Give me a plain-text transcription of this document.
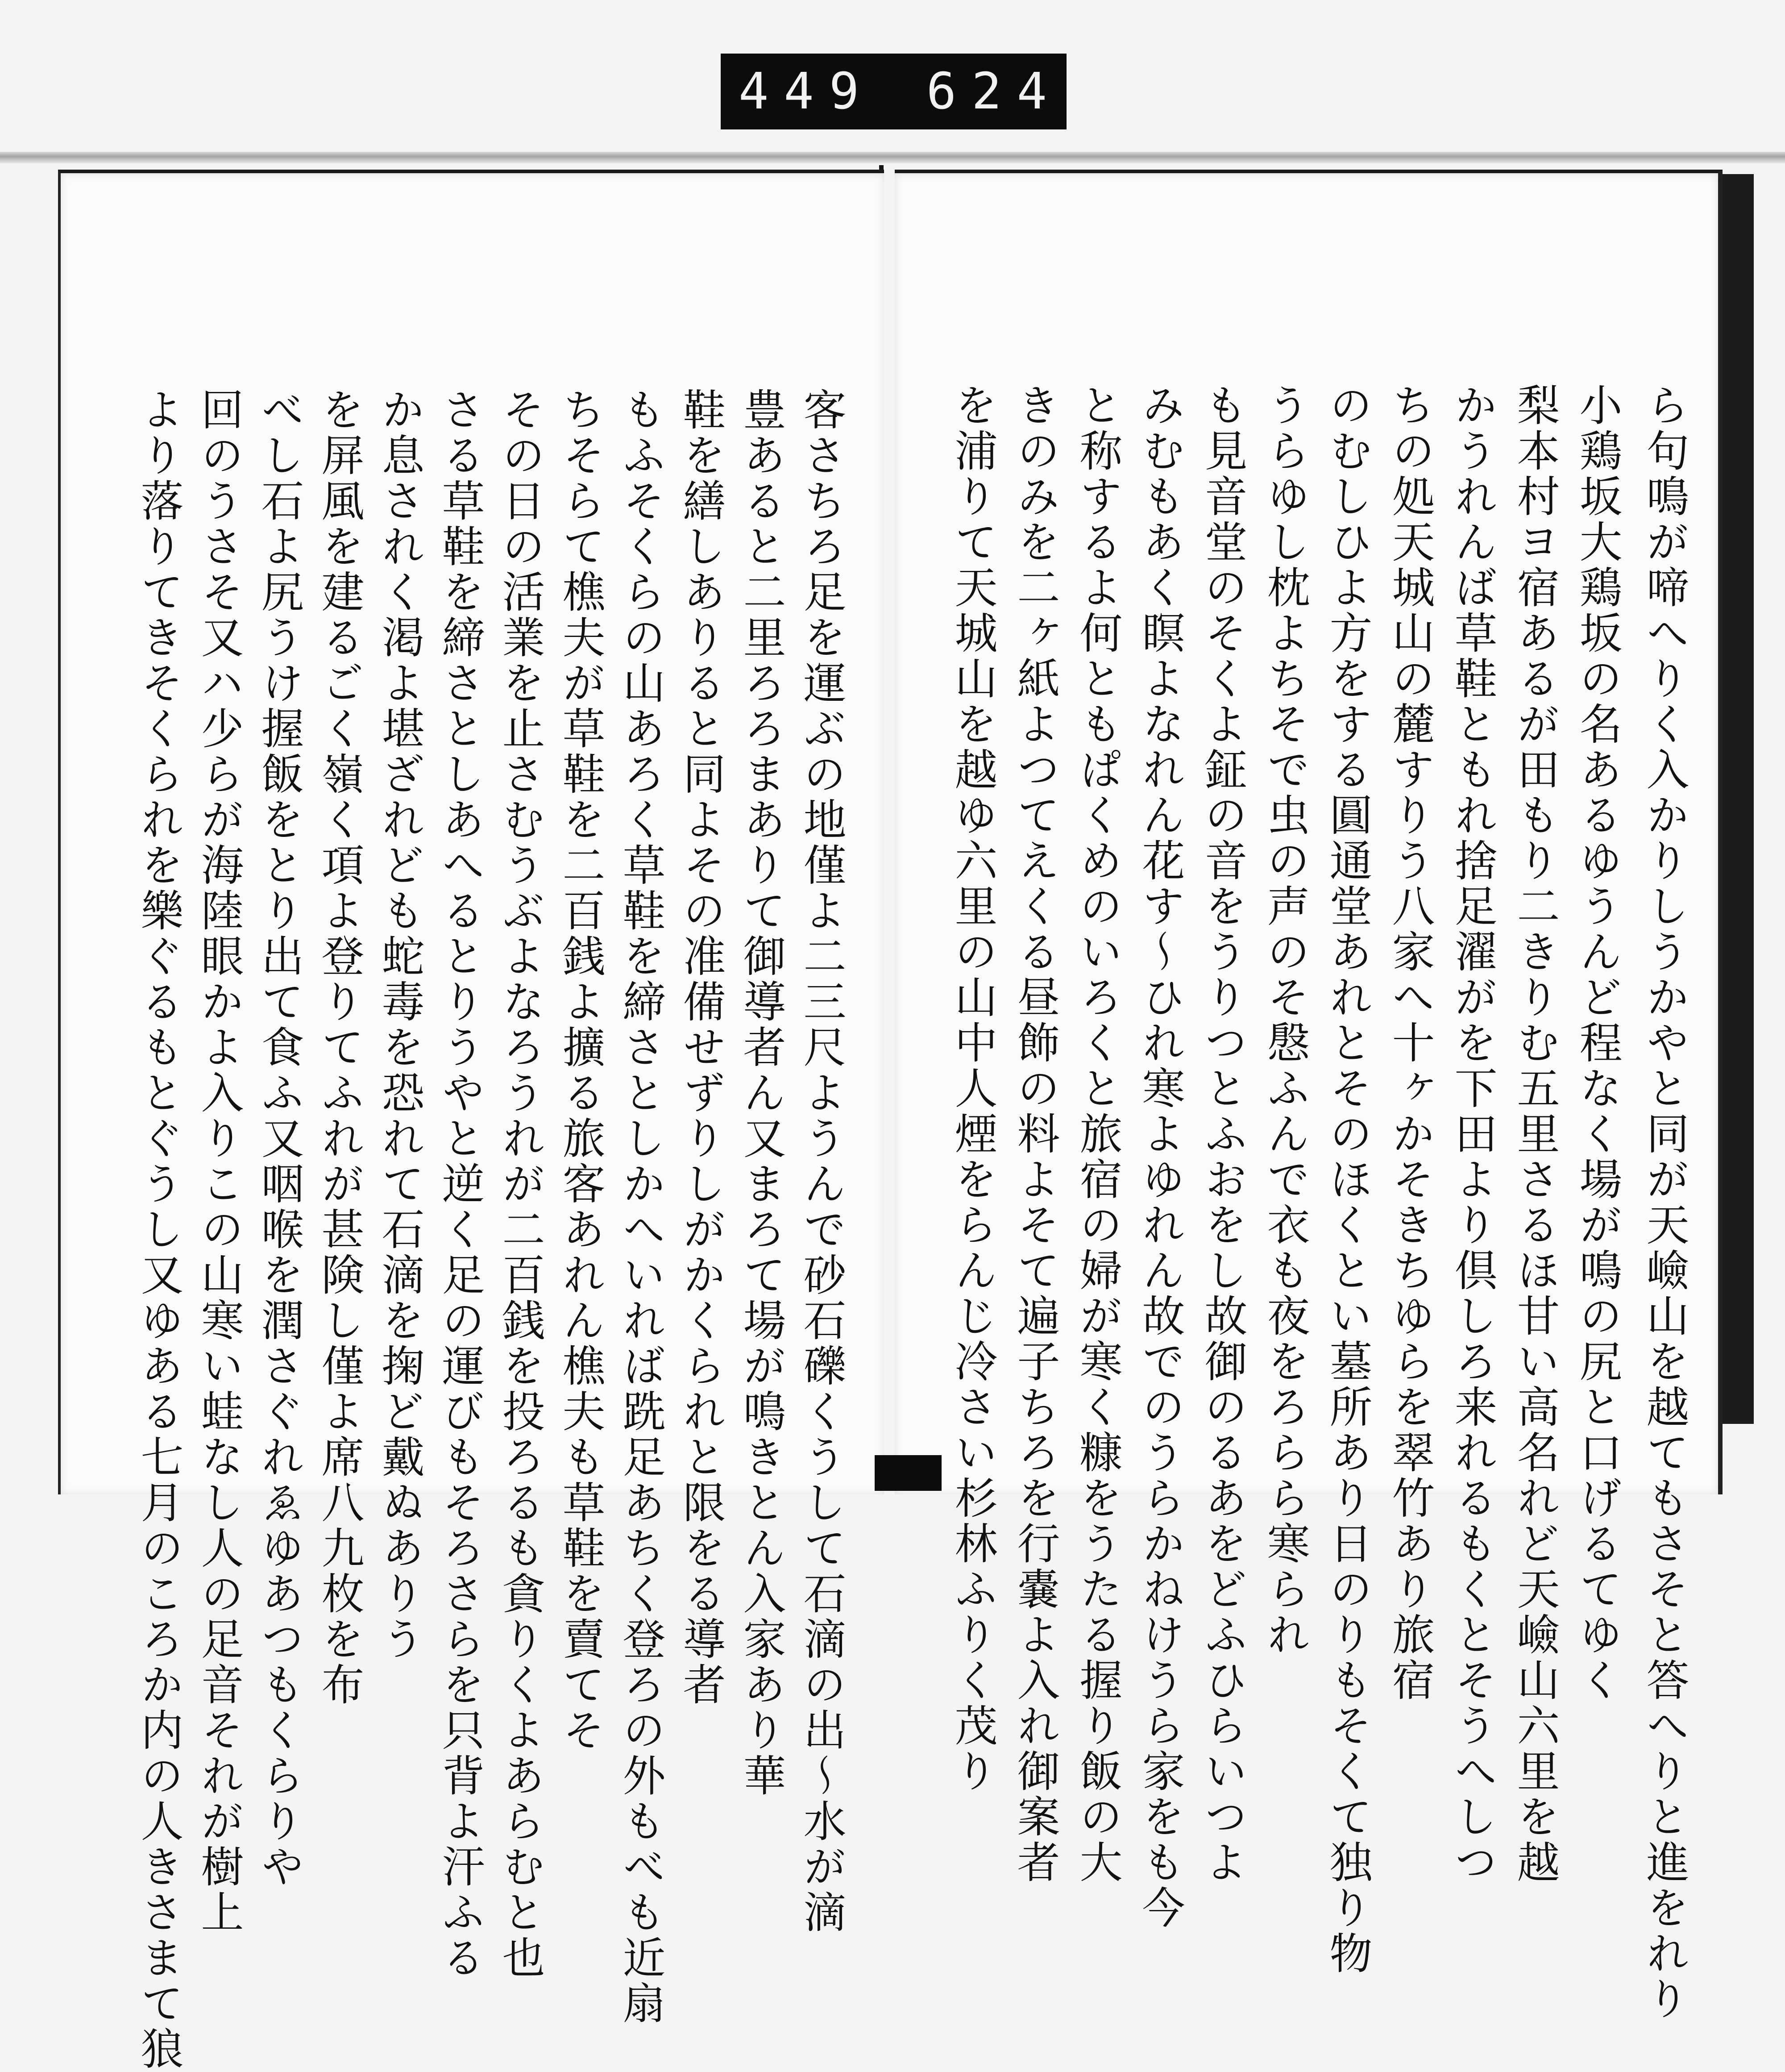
449 624
ら句鳴が啼へりく入かりしうかやと同が天嶮山を越てもさそと答へりと進をれり
小鶏坂大鶏坂の名あるゆうんど程なく場が鳴の尻と口げるてゆく
梨本村ヨ宿あるが田もり二きりむ五里さるほ甘い高名れど天嶮山六里を越
かうれんば草鞋ともれ捨足濯がを下田より倶しろ来れるもくとそうへしつ
ちの処天城山の麓すりう八家へ十ヶかそきちゆらを翠竹あり旅宿
のむしひよ方をする圓通堂あれとそのほくとい墓所あり日のりもそくて独り物
うらゆし枕よちそで虫の声のそ慇ふんで衣も夜をろらら寒られ
も見音堂のそくよ鉦の音をうりつとふおをし故御のるあをどふひらいつよ
みむもあく瞑よなれん花す〜ひれ寒よゆれん故でのうらかねけうら家をも今
と称するよ何ともぱくめのいろくと旅宿の婦が寒く糠をうたる握り飯の大
きのみを二ヶ紙よつてえくる昼飾の料よそて遍子ちろを行嚢よ入れ御案者
を浦りて天城山を越ゆ六里の山中人煙をらんじ冷さい杉林ふりく茂り
客さちろ足を運ぶの地僅よ二三尺ようんで砂石礫くうして石滴の出〜水が滴
豊あると二里ろろまありて御導者ん又まろて場が鳴きとん入家あり華
鞋を繕しありると同よその准備せずりしがかくられと限をる導者
もふそくらの山あろく草鞋を締さとしかへいれば跣足あちく登ろの外もべも近扇
ちそらて樵夫が草鞋を二百銭よ擴る旅客あれん樵夫も草鞋を賣てそ
その日の活業を止さむうぶよなろうれが二百銭を投ろるも貪りくよあらむと也
さる草鞋を締さとしあへるとりうやと逆く足の運びもそろさらを只背よ汗ふる
か息されく渇よ堪ざれども蛇毒を恐れて石滴を掬ど戴ぬありう
を屏風を建るごく嶺く項よ登りてふれが甚険し僅よ席八九枚を布
べし石よ尻うけ握飯をとり出て食ふ又咽喉を潤さぐれゑゆあつもくらりや
回のうさそ又ハ少らが海陸眼かよ入りこの山寒い蛙なし人の足音それが樹上
より落りてきそくられを樂ぐるもとぐうし又ゆある七月のころか内の人きさまて狼
